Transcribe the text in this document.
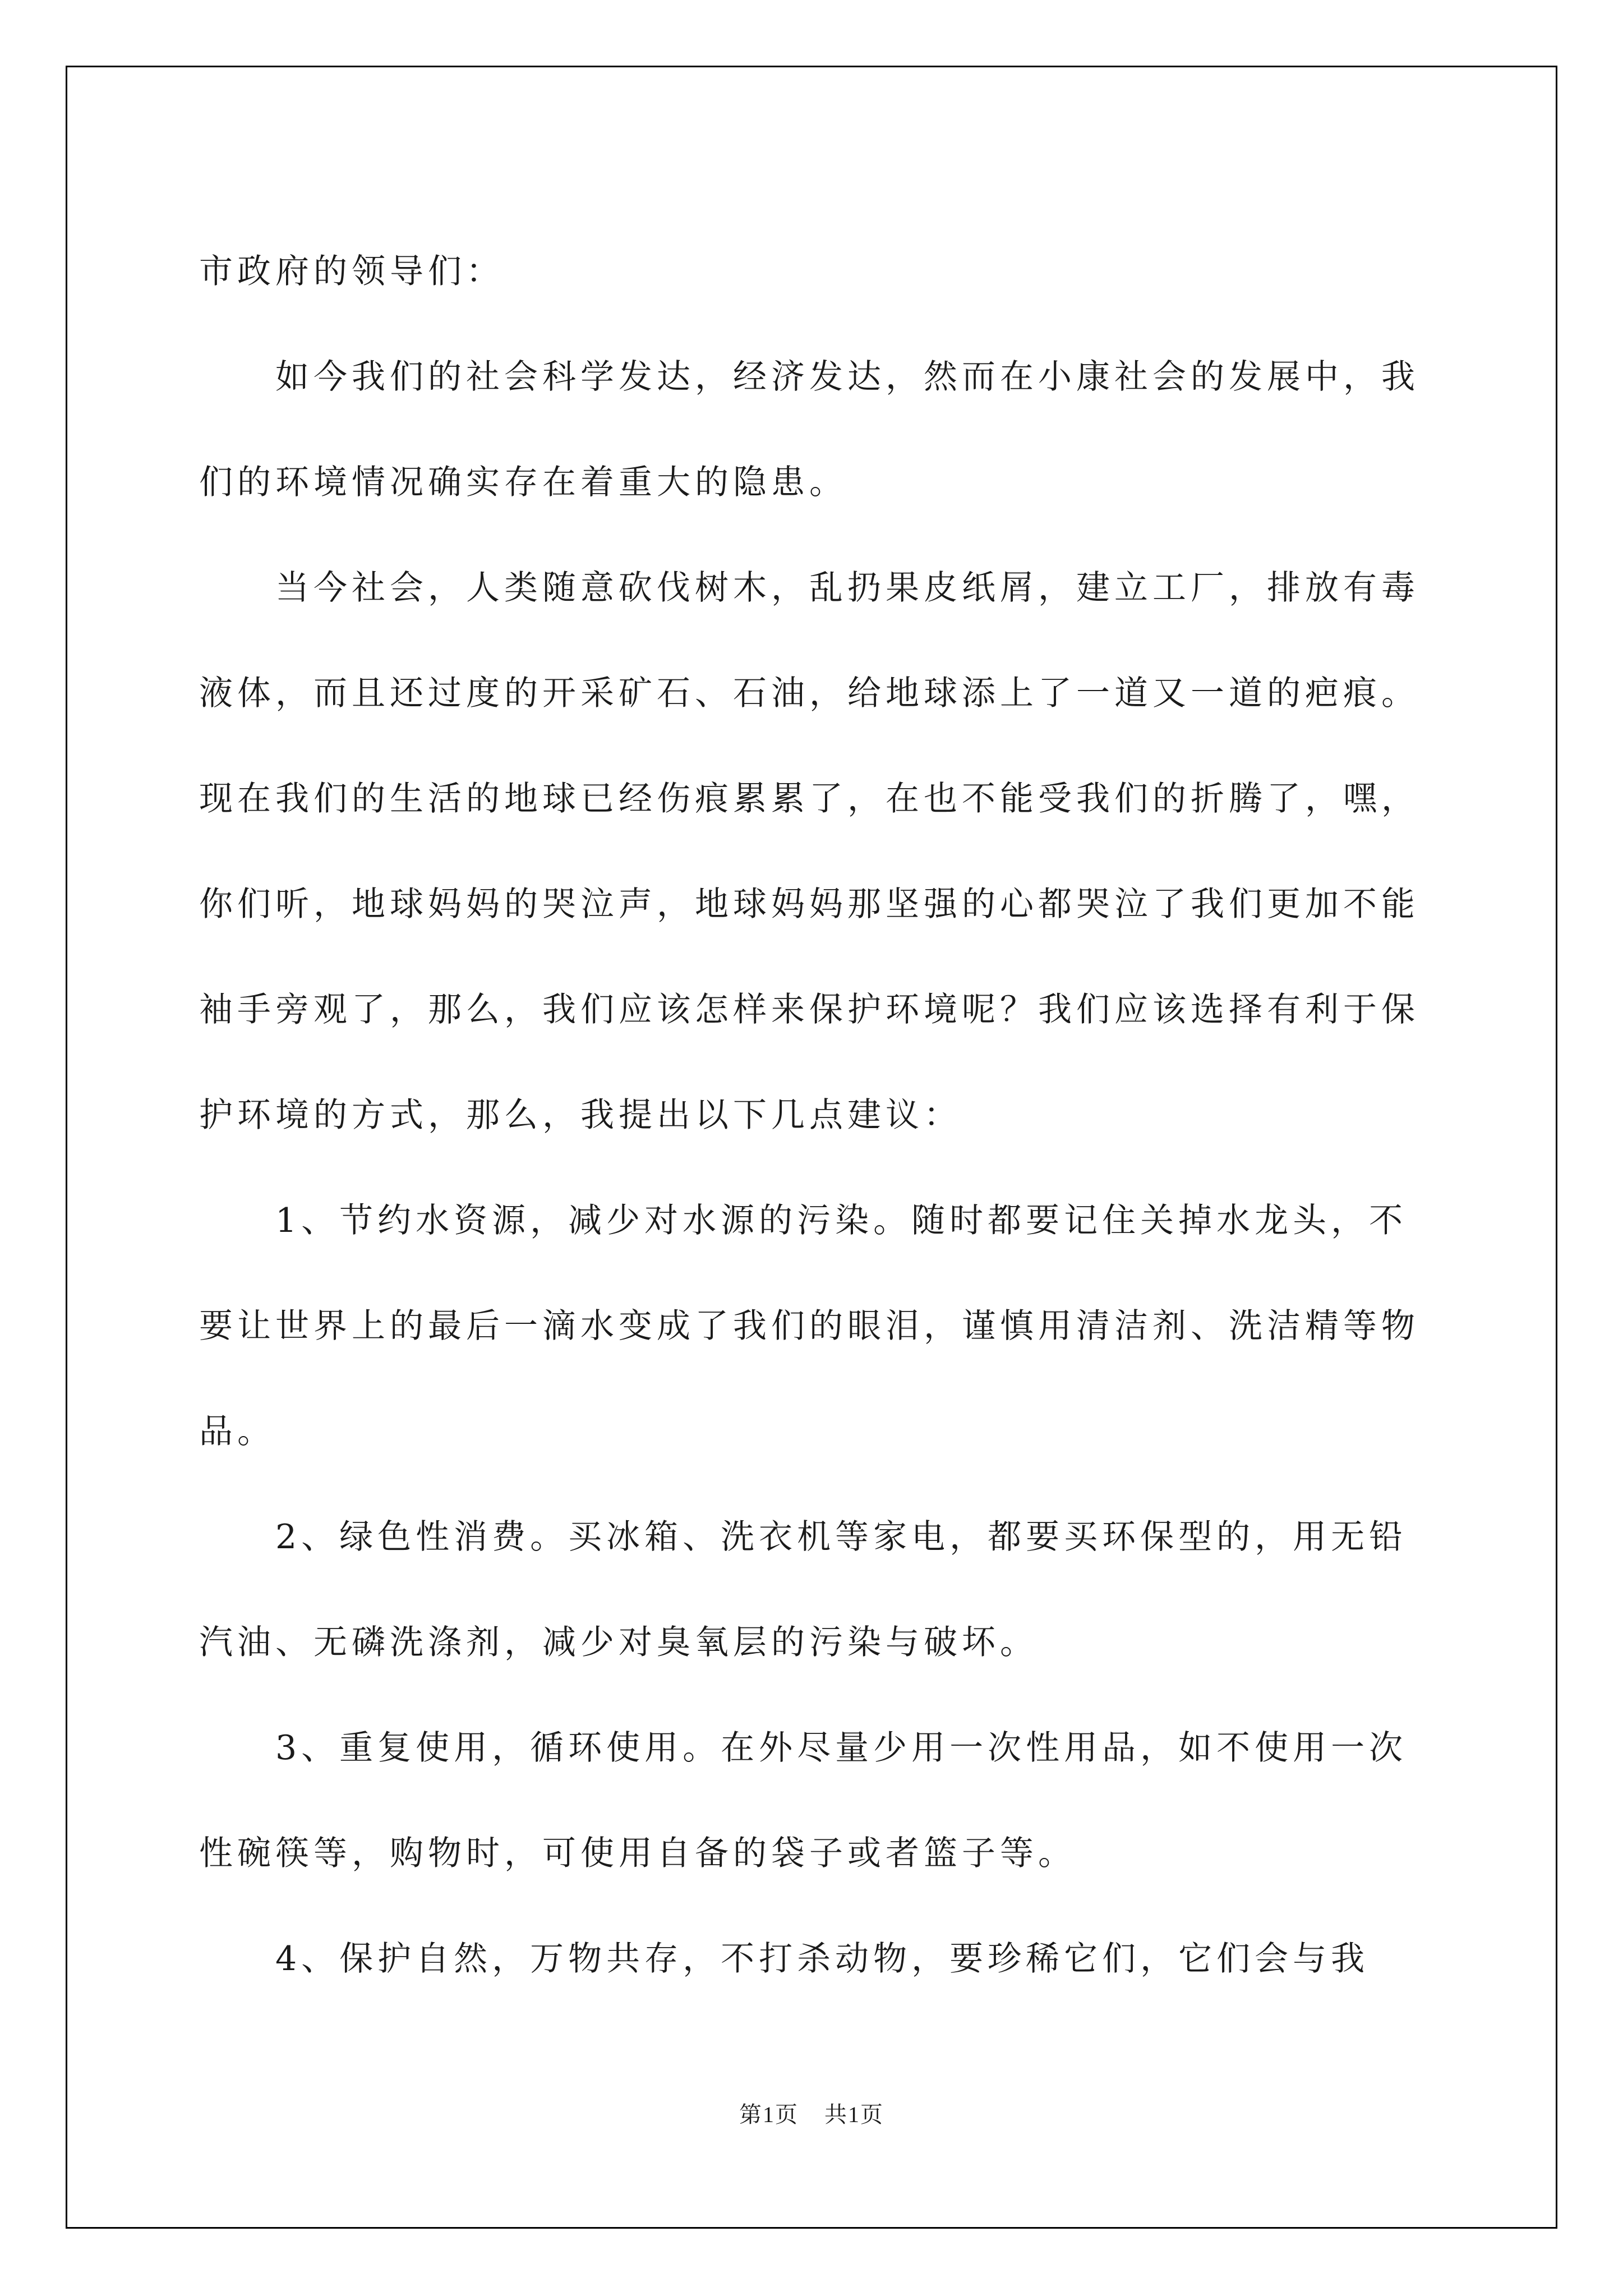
市政府的领导们：

如今我们的社会科学发达，经济发达，然而在小康社会的发展中，我们的环境情况确实存在着重大的隐患。

当今社会，人类随意砍伐树木，乱扔果皮纸屑，建立工厂，排放有毒液体，而且还过度的开采矿石、石油，给地球添上了一道又一道的疤痕。现在我们的生活的地球已经伤痕累累了，在也不能受我们的折腾了，嘿，你们听，地球妈妈的哭泣声，地球妈妈那坚强的心都哭泣了我们更加不能袖手旁观了，那么，我们应该怎样来保护环境呢？我们应该选择有利于保护环境的方式，那么，我提出以下几点建议：

1、节约水资源，减少对水源的污染。随时都要记住关掉水龙头，不要让世界上的最后一滴水变成了我们的眼泪，谨慎用清洁剂、洗洁精等物品。

2、绿色性消费。买冰箱、洗衣机等家电，都要买环保型的，用无铅汽油、无磷洗涤剂，减少对臭氧层的污染与破坏。

3、重复使用，循环使用。在外尽量少用一次性用品，如不使用一次性碗筷等，购物时，可使用自备的袋子或者篮子等。

4、保护自然，万物共存，不打杀动物，要珍稀它们，它们会与我

第1页 共1页
